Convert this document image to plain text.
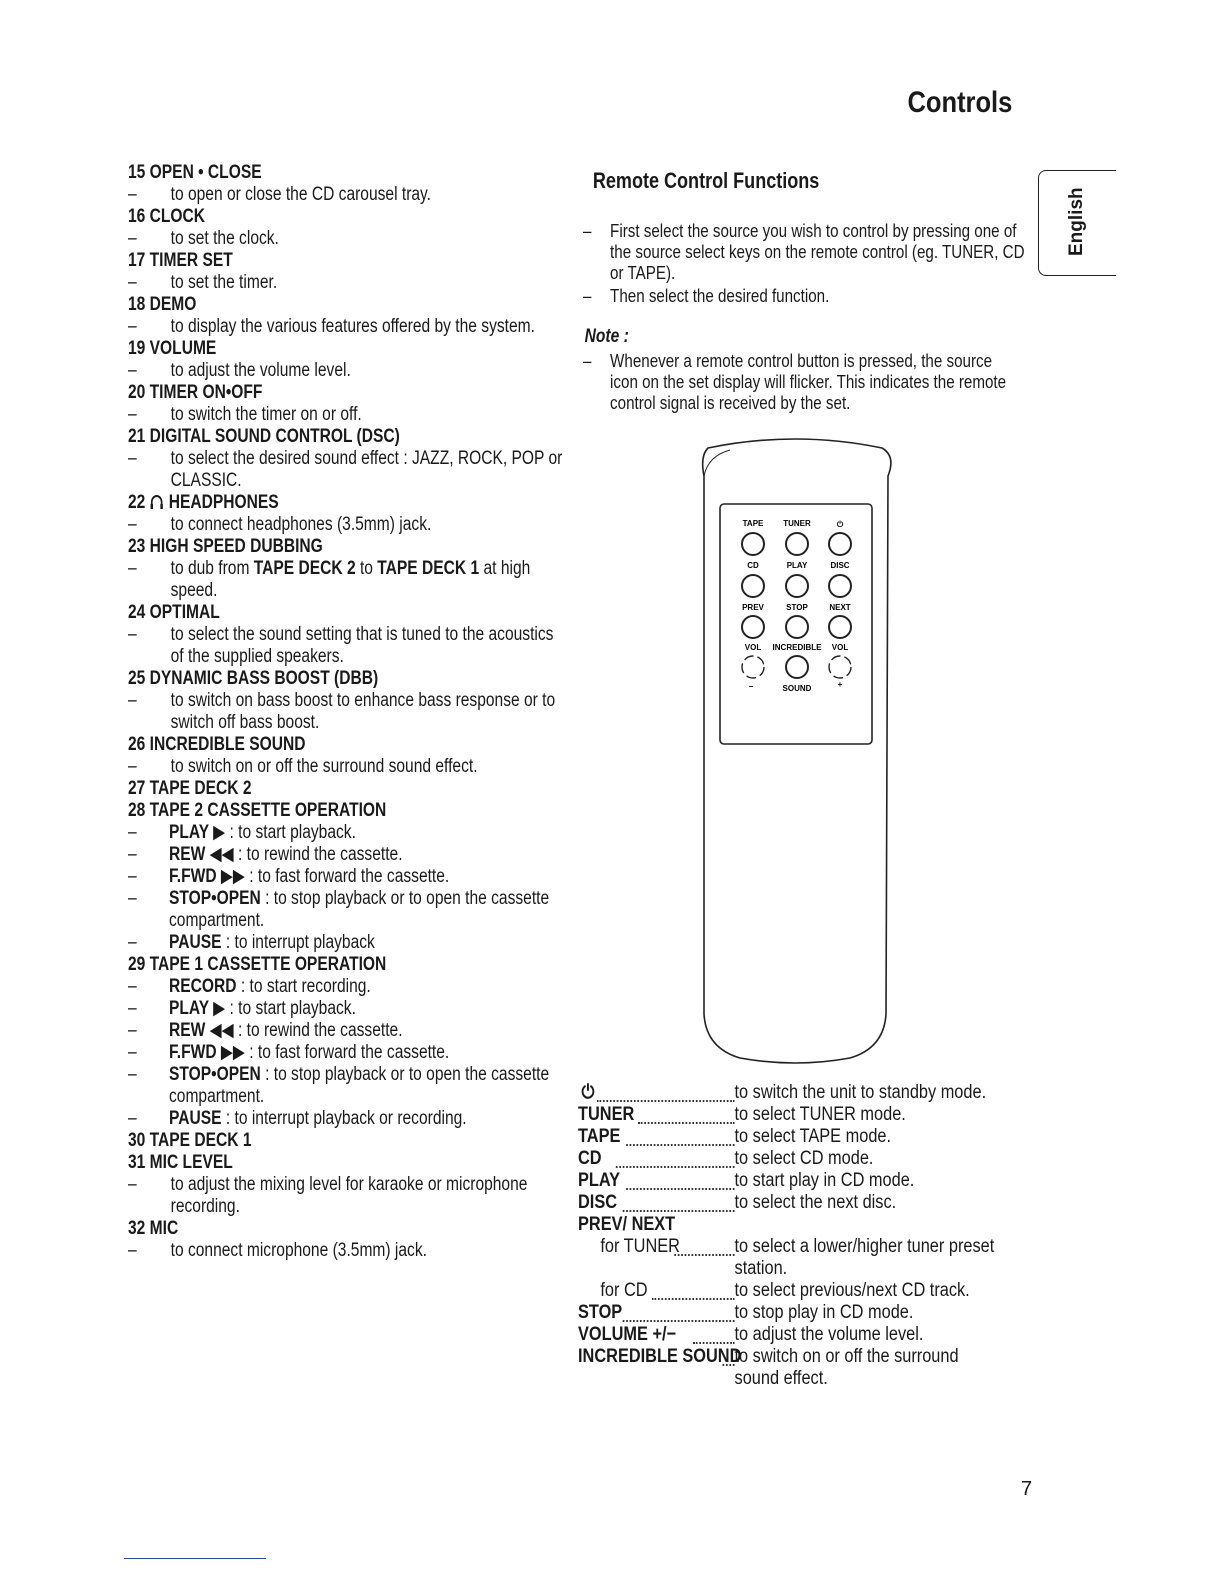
Controls
English
15 OPEN • CLOSE
– to open or close the CD carousel tray.
16 CLOCK
– to set the clock.
17 TIMER SET
– to set the timer.
18 DEMO
– to display the various features offered by the system.
19 VOLUME
– to adjust the volume level.
20 TIMER ON•OFF
– to switch the timer on or off.
21 DIGITAL SOUND CONTROL (DSC)
– to select the desired sound effect : JAZZ, ROCK, POP or
CLASSIC.
22 HEADPHONES
– to connect headphones (3.5mm) jack.
23 HIGH SPEED DUBBING
– to dub from TAPE DECK 2 to TAPE DECK 1 at high
speed.
24 OPTIMAL
– to select the sound setting that is tuned to the acoustics
of the supplied speakers.
25 DYNAMIC BASS BOOST (DBB)
– to switch on bass boost to enhance bass response or to
switch off bass boost.
26 INCREDIBLE SOUND
– to switch on or off the surround sound effect.
27 TAPE DECK 2
28 TAPE 2 CASSETTE OPERATION
– PLAY ▶ : to start playback.
– REW ◀◀ : to rewind the cassette.
– F.FWD ▶▶ : to fast forward the cassette.
– STOP•OPEN : to stop playback or to open the cassette
compartment.
– PAUSE : to interrupt playback
29 TAPE 1 CASSETTE OPERATION
– RECORD : to start recording.
– PLAY ▶ : to start playback.
– REW ◀◀ : to rewind the cassette.
– F.FWD ▶▶ : to fast forward the cassette.
– STOP•OPEN : to stop playback or to open the cassette
compartment.
– PAUSE : to interrupt playback or recording.
30 TAPE DECK 1
31 MIC LEVEL
– to adjust the mixing level for karaoke or microphone
recording.
32 MIC
– to connect microphone (3.5mm) jack.
Remote Control Functions
– First select the source you wish to control by pressing one of
the source select keys on the remote control (eg. TUNER, CD
or TAPE).
– Then select the desired function.
Note :
– Whenever a remote control button is pressed, the source
icon on the set display will flicker. This indicates the remote
control signal is received by the set.
TAPE TUNER	⏻
CD	PLAY	DISC
PREV	STOP	NEXT
VOL INCREDIBLE VOL
−	SOUND	+
⏻	to switch the unit to standby mode.
TUNER	to select TUNER mode.
TAPE	to select TAPE mode.
CD	to select CD mode.
PLAY	to start play in CD mode.
DISC	to select the next disc.
PREV/ NEXT
for TUNER	to select a lower/higher tuner preset
station.
for CD	to select previous/next CD track.
STOP	to stop play in CD mode.
VOLUME +/−	to adjust the volume level.
INCREDIBLE SOUND
to switch on or off the surround
sound effect.
7
